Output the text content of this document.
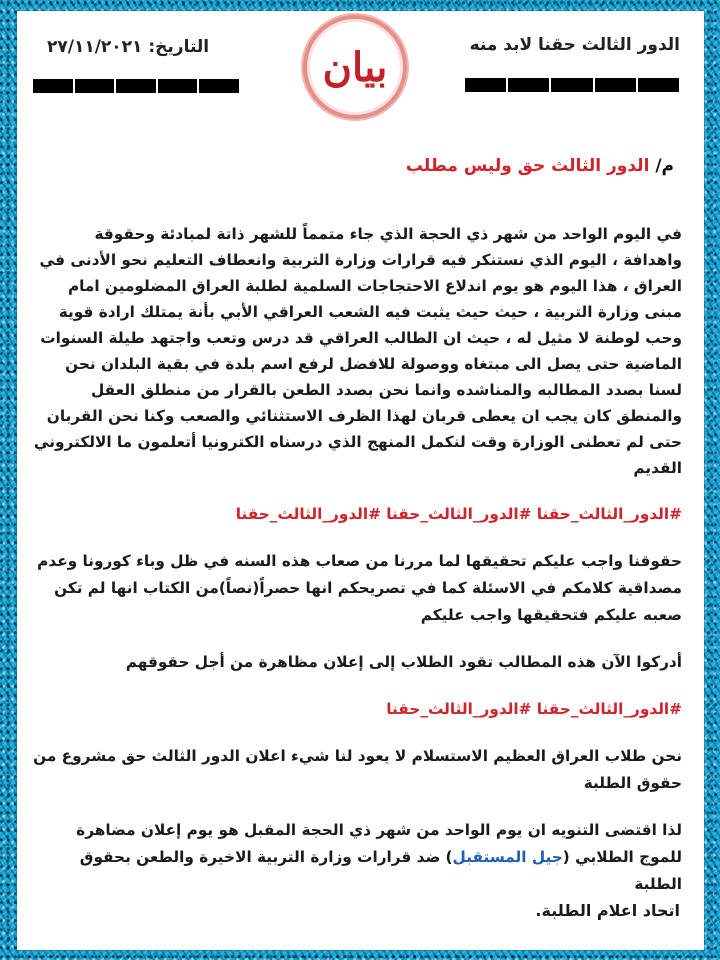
الدور الثالث حقنا لابد منه
التاريخ: ٢٧/١١/٢٠٢١	بيان
م/ الدور الثالث حق وليس مطلب

في اليوم الواحد من شهر ذي الحجة الذي جاء متمماً للشهر ذاتة لمبادئة وحقوقة واهدافة ، اليوم الذي نستنكر فيه قرارات وزارة التربية وانعطاف التعليم نحو الأدنى في العراق ، هذا اليوم هو يوم اندلاع الاحتجاجات السلمية لطلبة العراق المضلومين امام مبنى وزارة التربية ، حيث حيث يثبت فيه الشعب العراقي الأبي بأنة يمتلك ارادة قوية وحب لوطنة لا مثيل له ، حيث ان الطالب العراقي قد درس وتعب واجتهد طيلة السنوات الماضية حتى يصل الى مبتغاه ووصولة للافضل لرفع اسم بلدة في بقية البلدان نحن لسنا بصدد المطالبه والمناشده وانما نحن بصدد الطعن بالقرار من منطلق العقل والمنطق كان يجب ان يعطى قربان لهذا الظرف الاستثنائي والصعب وكنا نحن القربان حتى لم تعطنى الوزارة وقت لنكمل المنهج الذي درسناه الكترونيا أتعلمون ما الالكتروني القديم

#الدور_الثالث_حقنا #الدور_الثالث_حقنا #الدور_الثالث_حقنا

حقوقنا واجب عليكم تحقيقها لما مررنا من صعاب هذه السنه في ظل وباء كورونا وعدم مصداقية كلامكم في الاسئلة كما في تصريحكم انها حصراً(نصاً)من الكتاب انها لم تكن صعبه عليكم فتحقيقها واجب عليكم

أدركوا الآن هذه المطالب تقود الطلاب إلى إعلان مظاهرة من أجل حقوقهم

#الدور_الثالث_حقنا #الدور_الثالث_حقنا

نحن طلاب العراق العظيم الاستسلام لا يعود لنا شيء اعلان الدور الثالث حق مشروع من حقوق الطلبة

لذا اقتضى التنويه ان يوم الواحد من شهر ذي الحجة المقبل هو يوم إعلان مضاهرة للموج الطلابي (جيل المستقبل) ضد قرارات وزارة التربية الاخيرة والطعن بحقوق الطلبة

اتحاد اعلام الطلبة.
